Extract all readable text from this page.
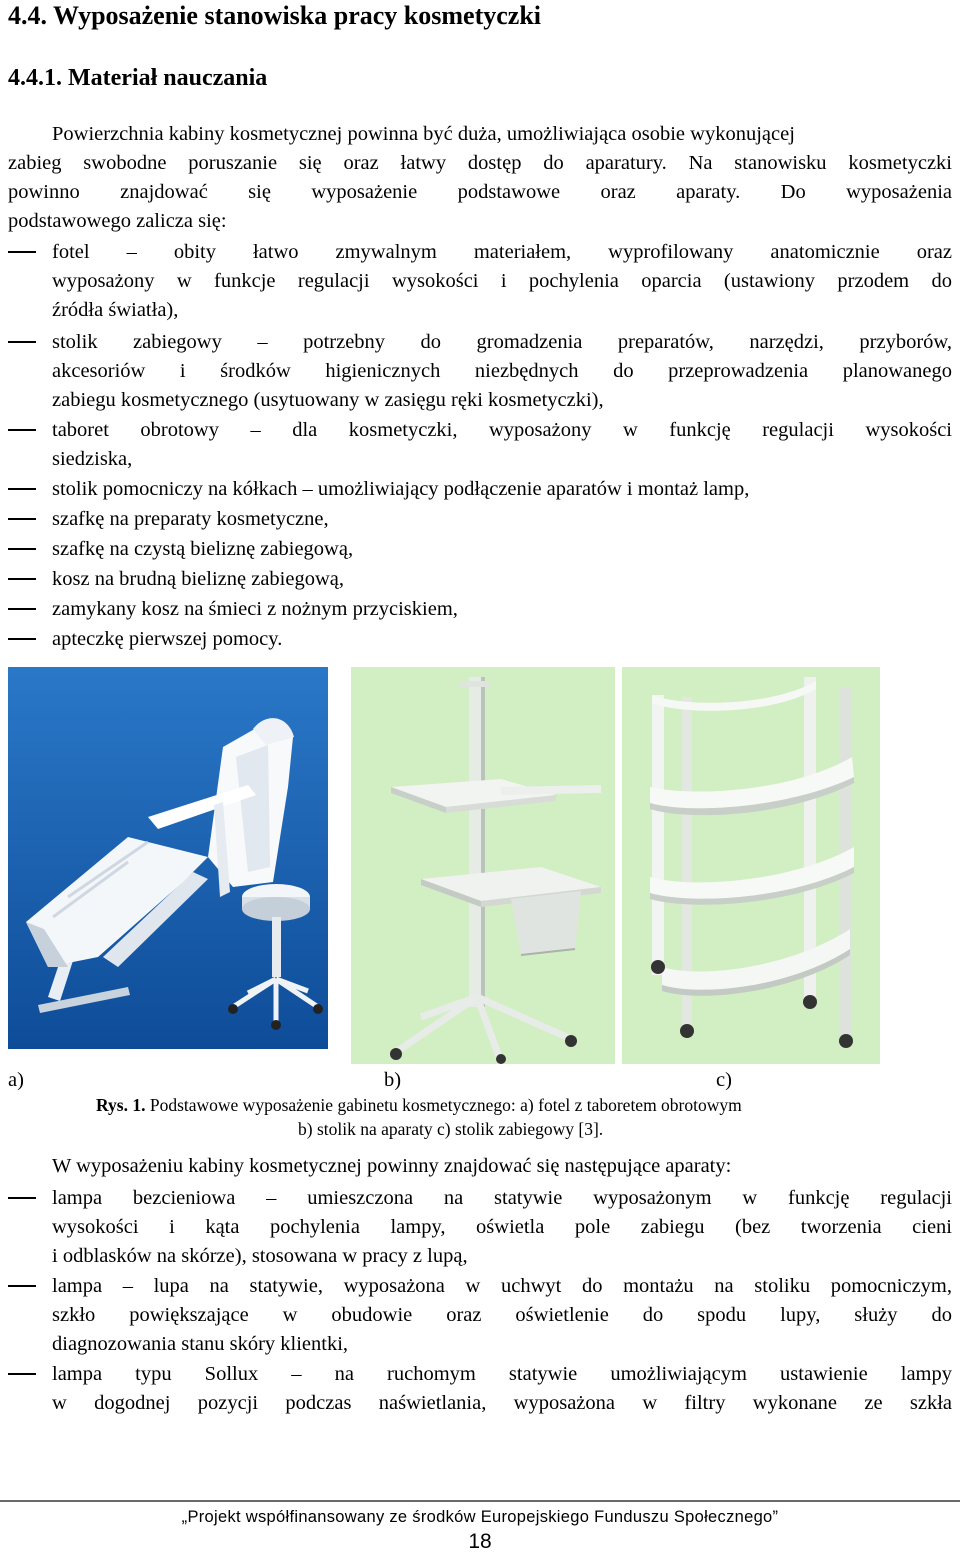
4.4. Wyposażenie stanowiska pracy kosmetyczki
4.4.1. Materiał nauczania
Powierzchnia kabiny kosmetycznej powinna być duża, umożliwiająca osobie wykonującej
zabieg swobodne poruszanie się oraz łatwy dostęp do aparatury. Na stanowisku kosmetyczki
powinno znajdować się wyposażenie podstawowe oraz aparaty. Do wyposażenia
podstawowego zalicza się:
fotel – obity łatwo zmywalnym materiałem, wyprofilowany anatomicznie oraz
wyposażony w funkcje regulacji wysokości i pochylenia oparcia (ustawiony przodem do
źródła światła),
stolik zabiegowy – potrzebny do gromadzenia preparatów, narzędzi, przyborów,
akcesoriów i środków higienicznych niezbędnych do przeprowadzenia planowanego
zabiegu kosmetycznego (usytuowany w zasięgu ręki kosmetyczki),
taboret obrotowy – dla kosmetyczki, wyposażony w funkcję regulacji wysokości
siedziska,
stolik pomocniczy na kółkach – umożliwiający podłączenie aparatów i montaż lamp,
szafkę na preparaty kosmetyczne,
szafkę na czystą bieliznę zabiegową,
kosz na brudną bieliznę zabiegową,
zamykany kosz na śmieci z nożnym przyciskiem,
apteczkę pierwszej pomocy.
a)	b)	c)
Rys. 1. Podstawowe wyposażenie gabinetu kosmetycznego: a) fotel z taboretem obrotowym
b) stolik na aparaty c) stolik zabiegowy [3].
W wyposażeniu kabiny kosmetycznej powinny znajdować się następujące aparaty:
lampa bezcieniowa – umieszczona na statywie wyposażonym w funkcję regulacji
wysokości i kąta pochylenia lampy, oświetla pole zabiegu (bez tworzenia cieni
i odblasków na skórze), stosowana w pracy z lupą,
lampa – lupa na statywie, wyposażona w uchwyt do montażu na stoliku pomocniczym,
szkło powiększające w obudowie oraz oświetlenie do spodu lupy, służy do
diagnozowania stanu skóry klientki,
lampa typu Sollux – na ruchomym statywie umożliwiającym ustawienie lampy
w dogodnej pozycji podczas naświetlania, wyposażona w filtry wykonane ze szkła
„Projekt współfinansowany ze środków Europejskiego Funduszu Społecznego”
18
